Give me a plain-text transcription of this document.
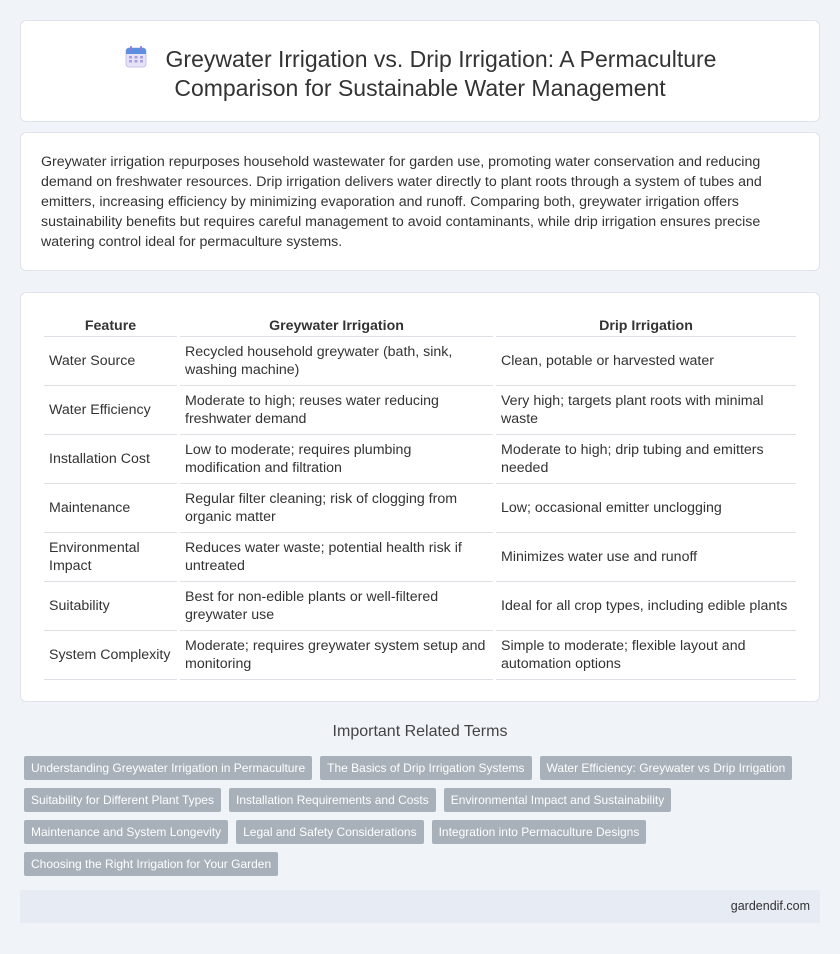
Greywater Irrigation vs. Drip Irrigation: A Permaculture Comparison for Sustainable Water Management

Greywater irrigation repurposes household wastewater for garden use, promoting water conservation and reducing demand on freshwater resources. Drip irrigation delivers water directly to plant roots through a system of tubes and emitters, increasing efficiency by minimizing evaporation and runoff. Comparing both, greywater irrigation offers sustainability benefits but requires careful management to avoid contaminants, while drip irrigation ensures precise watering control ideal for permaculture systems.

Feature	Greywater Irrigation	Drip Irrigation
Water Source	Recycled household greywater (bath, sink, washing machine)	Clean, potable or harvested water
Water Efficiency	Moderate to high; reuses water reducing freshwater demand	Very high; targets plant roots with minimal waste
Installation Cost	Low to moderate; requires plumbing modification and filtration	Moderate to high; drip tubing and emitters needed
Maintenance	Regular filter cleaning; risk of clogging from organic matter	Low; occasional emitter unclogging
Environmental Impact	Reduces water waste; potential health risk if untreated	Minimizes water use and runoff
Suitability	Best for non-edible plants or well-filtered greywater use	Ideal for all crop types, including edible plants
System Complexity	Moderate; requires greywater system setup and monitoring	Simple to moderate; flexible layout and automation options
Important Related Terms
Understanding Greywater Irrigation in Permaculture	The Basics of Drip Irrigation Systems	Water Efficiency: Greywater vs Drip Irrigation
Suitability for Different Plant Types	Installation Requirements and Costs	Environmental Impact and Sustainability
Maintenance and System Longevity	Legal and Safety Considerations	Integration into Permaculture Designs
Choosing the Right Irrigation for Your Garden
gardendif.com
